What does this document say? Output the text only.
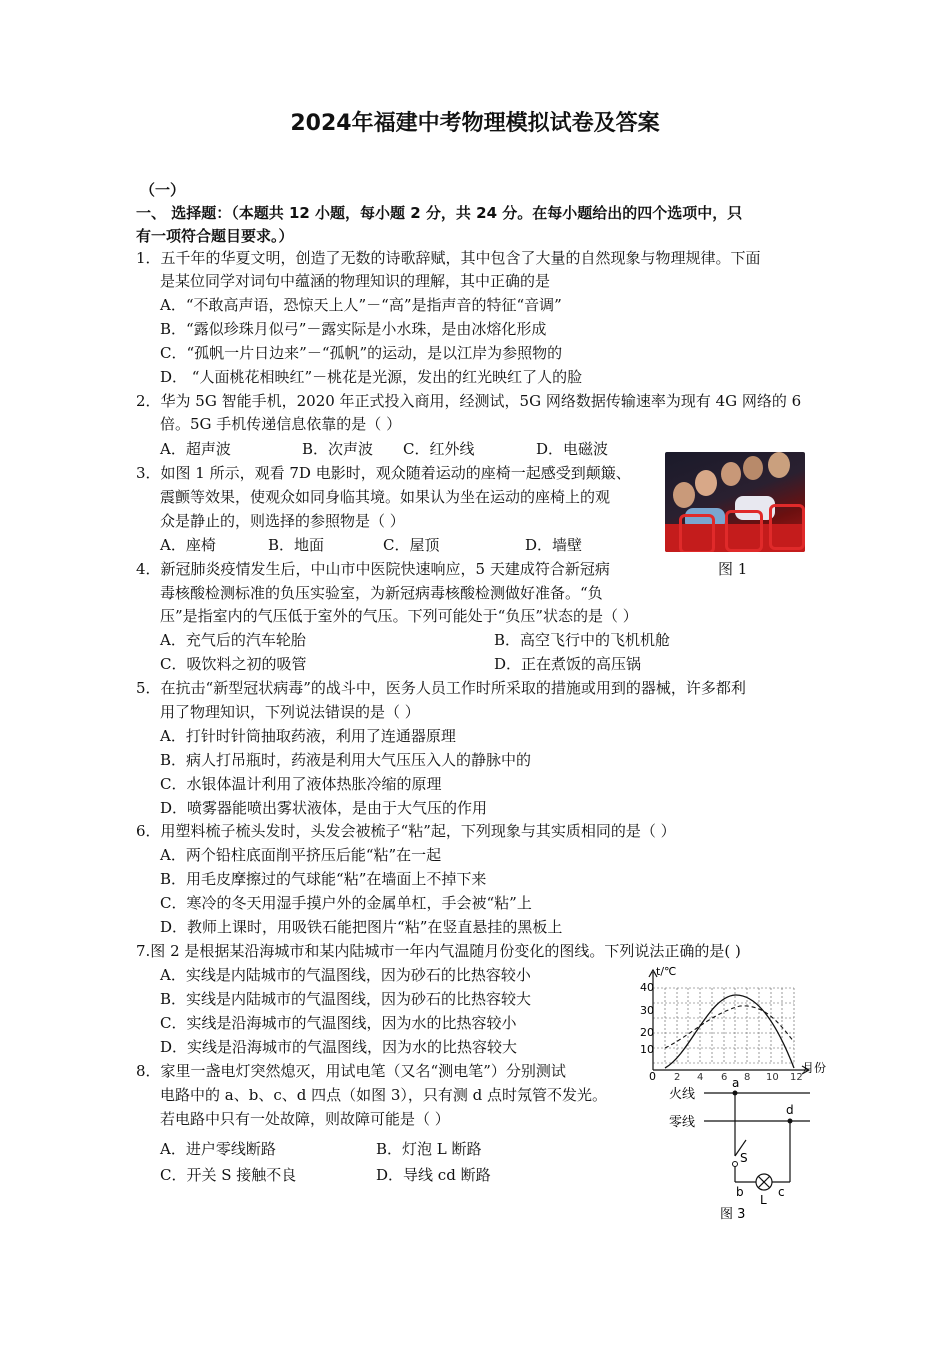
2024年福建中考物理模拟试卷及答案
（一）
一、 选择题：（本题共 12 小题，每小题 2 分，共 24 分。在每小题给出的四个选项中，只
有一项符合题目要求。）
1．五千年的华夏文明，创造了无数的诗歌辞赋，其中包含了大量的自然现象与物理规律。下面
是某位同学对词句中蕴涵的物理知识的理解，其中正确的是
A．“不敢高声语，恐惊天上人”－“高”是指声音的特征“音调”
B．“露似珍珠月似弓”－露实际是小水珠，是由冰熔化形成
C．“孤帆一片日边来”－“孤帆”的运动，是以江岸为参照物的
D． “人面桃花相映红”－桃花是光源，发出的红光映红了人的脸
2．华为 5G 智能手机，2020 年正式投入商用，经测试，5G 网络数据传输速率为现有 4G 网络的 6
倍。5G 手机传递信息依靠的是（ ）
A．超声波	B．次声波 C．红外线	D．电磁波
3．如图 1 所示，观看 7D 电影时，观众随着运动的座椅一起感受到颠簸、
震颤等效果，使观众如同身临其境。如果认为坐在运动的座椅上的观
众是静止的，则选择的参照物是（ ）
A．座椅	B．地面	C．屋顶	D．墙壁
图 1
4．新冠肺炎疫情发生后，中山市中医院快速响应，5 天建成符合新冠病
毒核酸检测标准的负压实验室，为新冠病毒核酸检测做好准备。“负
压”是指室内的气压低于室外的气压。下列可能处于“负压”状态的是（ ）
A．充气后的汽车轮胎	B．高空飞行中的飞机机舱
C．吸饮料之初的吸管	D．正在煮饭的高压锅
5．在抗击“新型冠状病毒”的战斗中，医务人员工作时所采取的措施或用到的器械，许多都利
用了物理知识，下列说法错误的是（ ）
A．打针时针筒抽取药液，利用了连通器原理
B．病人打吊瓶时，药液是利用大气压压入人的静脉中的
C．水银体温计利用了液体热胀冷缩的原理
D．喷雾器能喷出雾状液体，是由于大气压的作用
6．用塑料梳子梳头发时，头发会被梳子“粘”起，下列现象与其实质相同的是（ ）
A．两个铅柱底面削平挤压后能“粘”在一起
B．用毛皮摩擦过的气球能“粘”在墙面上不掉下来
C．寒冷的冬天用湿手摸户外的金属单杠，手会被“粘”上
D．教师上课时，用吸铁石能把图片“粘”在竖直悬挂的黑板上
7.图 2 是根据某沿海城市和某内陆城市一年内气温随月份变化的图线。下列说法正确的是( )
A．实线是内陆城市的气温图线，因为砂石的比热容较小
B．实线是内陆城市的气温图线，因为砂石的比热容较大
C．实线是沿海城市的气温图线，因为水的比热容较小
D．实线是沿海城市的气温图线，因为水的比热容较大
8．家里一盏电灯突然熄灭，用试电笔（又名“测电笔”）分别测试
电路中的 a、b、c、d 四点（如图 3），只有测 d 点时氖管不发光。
若电路中只有一处故障，则故障可能是（ ）
A．进户零线断路	B．灯泡 L 断路
C．开关 S 接触不良	D．导线 cd 断路
t/℃
40
30
20
10
0 2 4 6 8 10 12
月份
火线
零线
a
d
S
b
L
c
图 3
